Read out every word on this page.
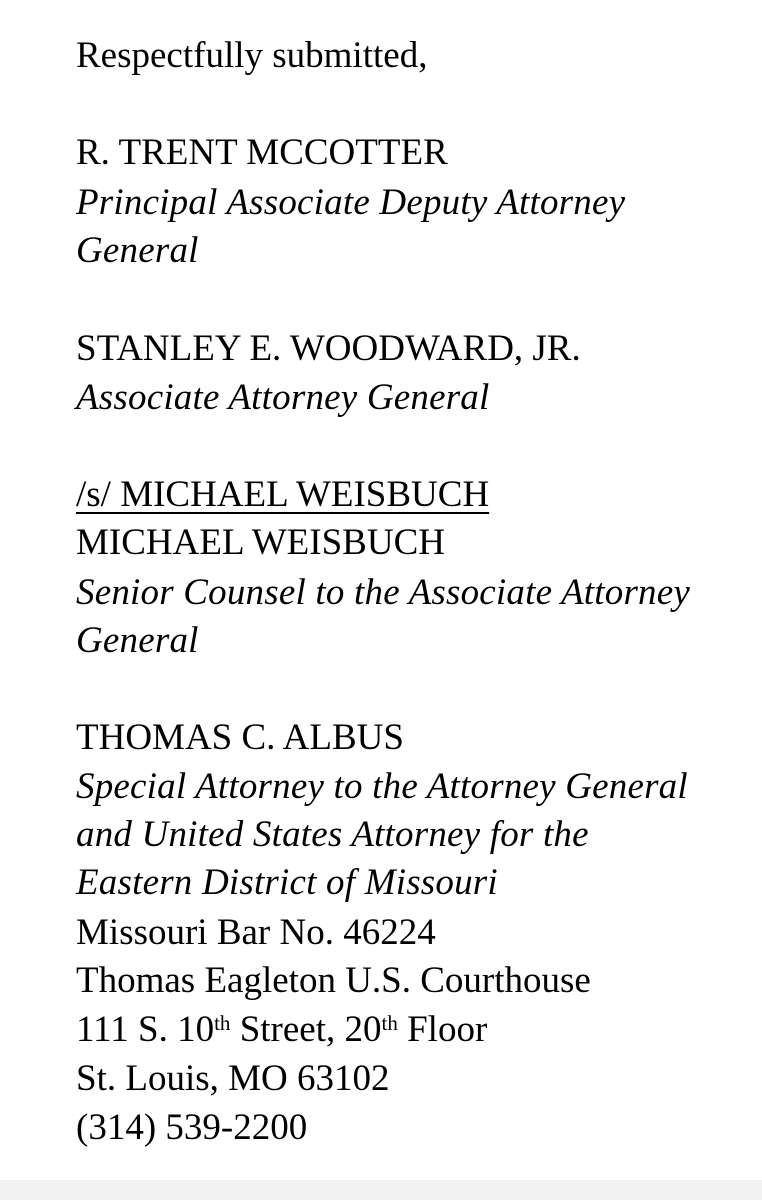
Respectfully submitted,
R. TRENT MCCOTTER
Principal Associate Deputy Attorney
General
STANLEY E. WOODWARD, JR.
Associate Attorney General
/s/ MICHAEL WEISBUCH
MICHAEL WEISBUCH
Senior Counsel to the Associate Attorney
General
THOMAS C. ALBUS
Special Attorney to the Attorney General
and United States Attorney for the
Eastern District of Missouri
Missouri Bar No. 46224
Thomas Eagleton U.S. Courthouse
111 S. 10th Street, 20th Floor
St. Louis, MO 63102
(314) 539-2200
